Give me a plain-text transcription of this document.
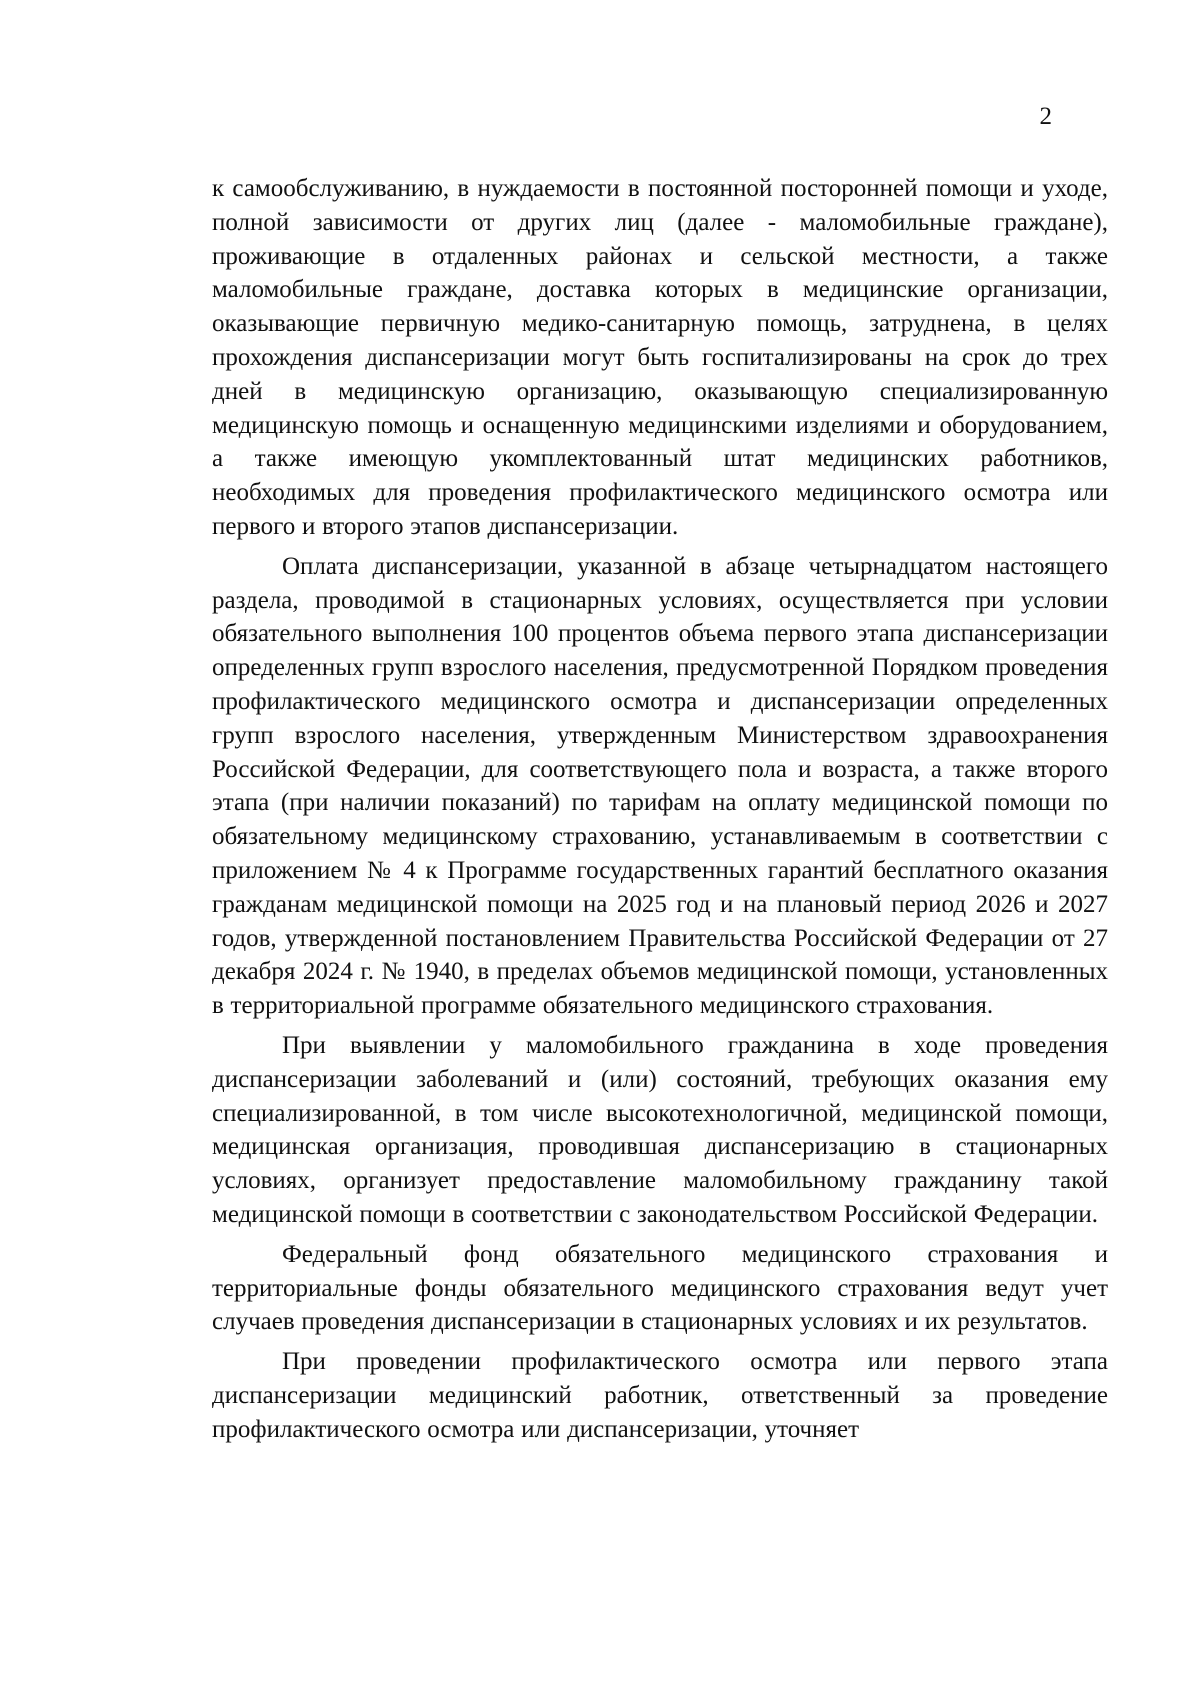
2

к самообслуживанию, в нуждаемости в постоянной посторонней помощи и уходе, полной зависимости от других лиц (далее - маломобильные граждане), проживающие в отдаленных районах и сельской местности, а также маломобильные граждане, доставка которых в медицинские организации, оказывающие первичную медико-санитарную помощь, затруднена, в целях прохождения диспансеризации могут быть госпитализированы на срок до трех дней в медицинскую организацию, оказывающую специализированную медицинскую помощь и оснащенную медицинскими изделиями и оборудованием, а также имеющую укомплектованный штат медицинских работников, необходимых для проведения профилактического медицинского осмотра или первого и второго этапов диспансеризации.

Оплата диспансеризации, указанной в абзаце четырнадцатом настоящего раздела, проводимой в стационарных условиях, осуществляется при условии обязательного выполнения 100 процентов объема первого этапа диспансеризации определенных групп взрослого населения, предусмотренной Порядком проведения профилактического медицинского осмотра и диспансеризации определенных групп взрослого населения, утвержденным Министерством здравоохранения Российской Федерации, для соответствующего пола и возраста, а также второго этапа (при наличии показаний) по тарифам на оплату медицинской помощи по обязательному медицинскому страхованию, устанавливаемым в соответствии с приложением № 4 к Программе государственных гарантий бесплатного оказания гражданам медицинской помощи на 2025 год и на плановый период 2026 и 2027 годов, утвержденной постановлением Правительства Российской Федерации от 27 декабря 2024 г. № 1940, в пределах объемов медицинской помощи, установленных в территориальной программе обязательного медицинского страхования.

При выявлении у маломобильного гражданина в ходе проведения диспансеризации заболеваний и (или) состояний, требующих оказания ему специализированной, в том числе высокотехнологичной, медицинской помощи, медицинская организация, проводившая диспансеризацию в стационарных условиях, организует предоставление маломобильному гражданину такой медицинской помощи в соответствии с законодательством Российской Федерации.

Федеральный фонд обязательного медицинского страхования и территориальные фонды обязательного медицинского страхования ведут учет случаев проведения диспансеризации в стационарных условиях и их результатов.

При проведении профилактического осмотра или первого этапа диспансеризации медицинский работник, ответственный за проведение профилактического осмотра или диспансеризации, уточняет
